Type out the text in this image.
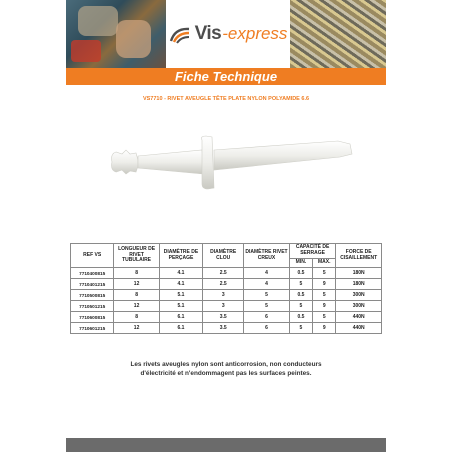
Vis -express
Fiche Technique
VS7710 - RIVET AVEUGLE TÊTE PLATE NYLON POLYAMIDE 6.6
REF VS	LONGUEUR DE RIVET TUBULAIRE	DIAMÈTRE DE PERÇAGE	DIAMÈTRE CLOU	DIAMÈTRE RIVET CREUX	CAPACITÉ DE SERRAGE		FORCE DE CISAILLEMENT
					MIN.	MAX.	
7710400815	8	4.1	2.5	4	0.5	5	180N
7710401215	12	4.1	2.5	4	5	9	180N
7710500815	8	5.1	3	5	0.5	5	300N
7710501215	12	5.1	3	5	5	9	300N
7710600815	8	6.1	3.5	6	0.5	5	440N
7710601215	12	6.1	3.5	6	5	9	440N
Les rivets aveugles nylon sont anticorrosion, non conducteurs
d'électricité et n'endommagent pas les surfaces peintes.
